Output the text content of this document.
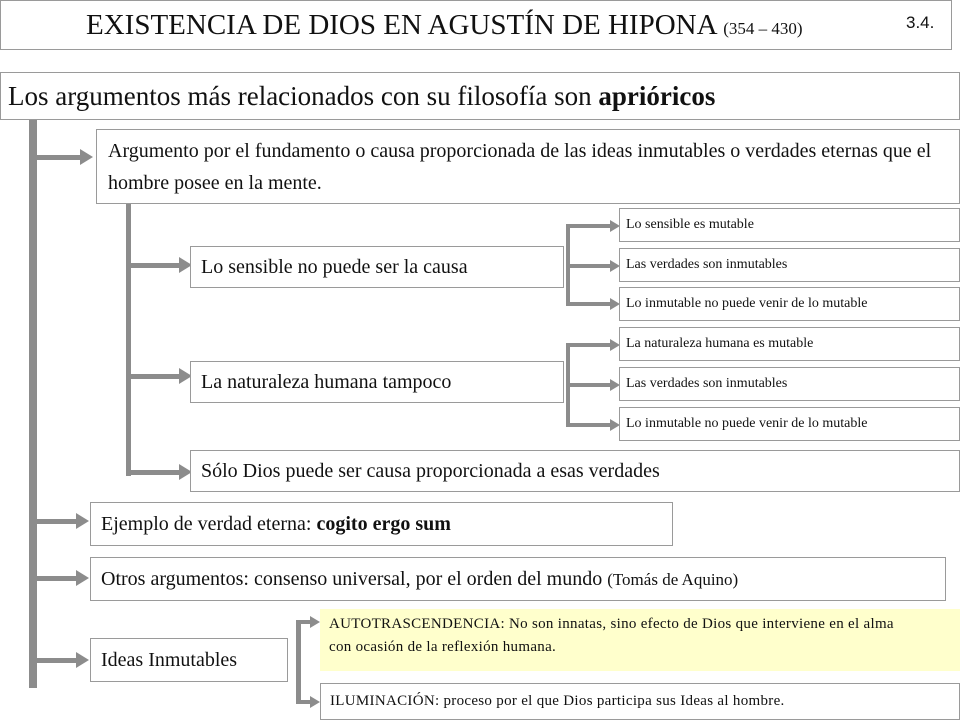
EXISTENCIA DE DIOS EN AGUSTÍN DE HIPONA (354 – 430)	3.4.
Los argumentos más relacionados con su filosofía son aprióricos
Argumento por el fundamento o causa proporcionada de las ideas inmutables o verdades eternas que el hombre posee en la mente.
Lo sensible no puede ser la causa
Lo sensible es mutable
Las verdades son inmutables
Lo inmutable no puede venir de lo mutable
La naturaleza humana tampoco
La naturaleza humana es mutable
Las verdades son inmutables
Lo inmutable no puede venir de lo mutable
Sólo Dios puede ser causa proporcionada a esas verdades
Ejemplo de verdad eterna: cogito ergo sum
Otros argumentos: consenso universal, por el orden del mundo (Tomás de Aquino)
Ideas Inmutables
AUTOTRASCENDENCIA: No son innatas, sino efecto de Dios que interviene en el alma con ocasión de la reflexión humana.
ILUMINACIÓN: proceso por el que Dios participa sus Ideas al hombre.
